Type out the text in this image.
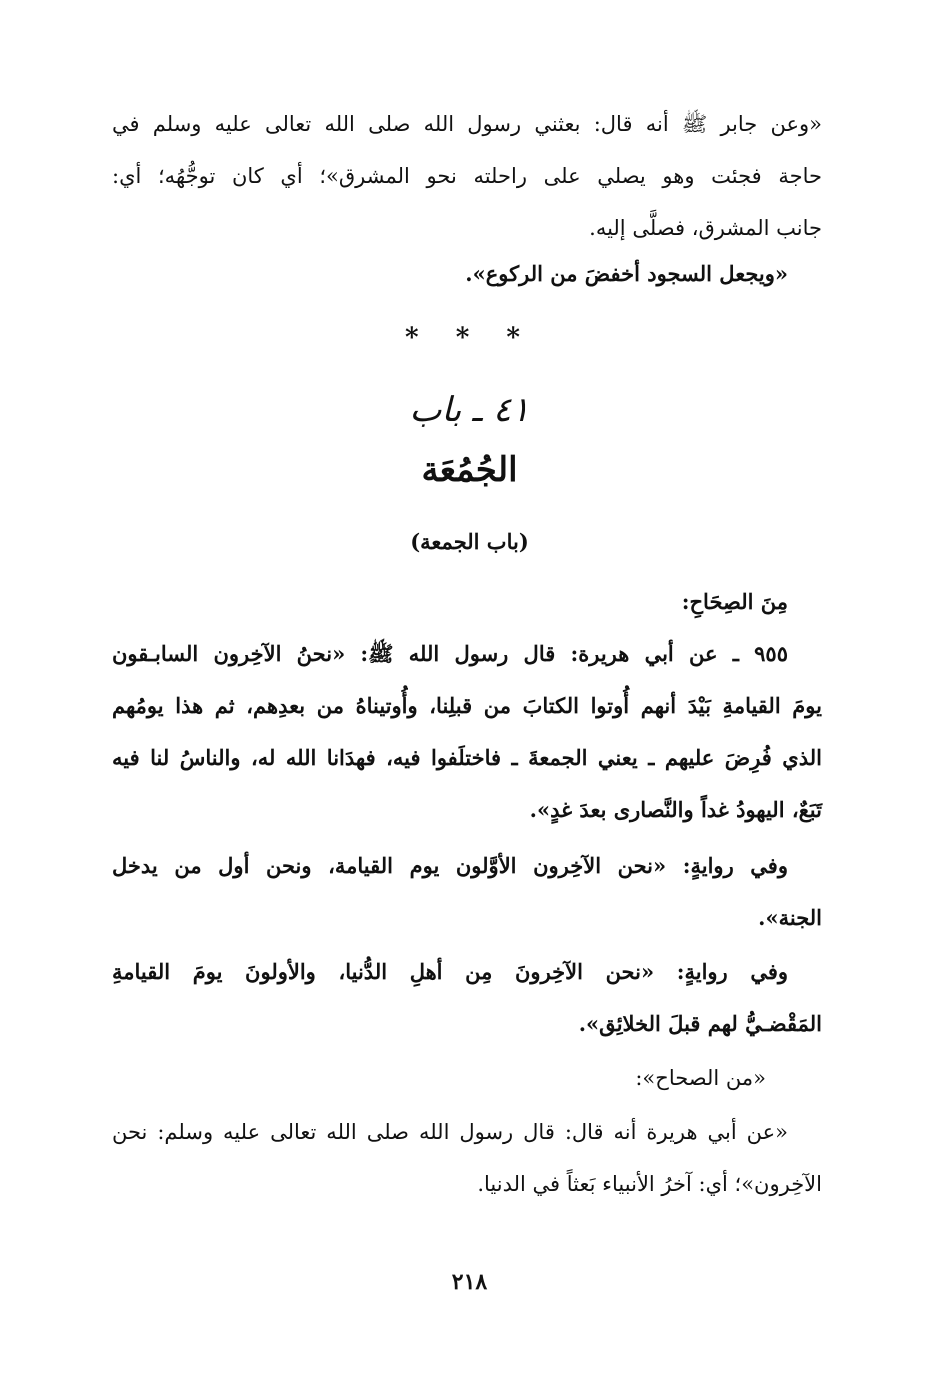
«وعن جابر ﷺ أنه قال: بعثني رسول الله صلى الله تعالى عليه وسلم في
حاجة فجئت وهو يصلي على راحلته نحو المشرق»؛ أي كان توجُّهُه؛ أي:
جانب المشرق، فصلَّى إليه.

«ويجعل السجود أخفضَ من الركوع».

* * *

٤١ ـ باب

الجُمُعَة

(باب الجمعة)

مِنَ الصِحَاحِ:

٩٥٥ ـ عن أبي هريرة: قال رسول الله ﷺ: «نحنُ الآخِرون السابـقون
يومَ القيامةِ بَيْدَ أنهم أُوتوا الكتابَ من قبلِنا، وأُوتيناهُ من بعدِهم، ثم هذا يومُهم
الذي فُرِضَ عليهم ـ يعني الجمعةَ ـ فاختلَفوا فيه، فهدَانا الله له، والناسُ لنا فيه
تَبَعٌ، اليهودُ غداً والنَّصارى بعدَ غدٍ».

وفي روايةٍ: «نحن الآخِرون الأوَّلون يوم القيامة، ونحن أول من يدخل
الجنة».

وفي روايةٍ: «نحن الآخِرونَ مِن أهلِ الدُّنيا، والأولونَ يومَ القيامةِ
المَقْضـيُّ لهم قبلَ الخلائِق».

«من الصحاح»:

«عن أبي هريرة أنه قال: قال رسول الله صلى الله تعالى عليه وسلم: نحن
الآخِرون»؛ أي: آخرُ الأنبياء بَعثاً في الدنيا.

٢١٨
